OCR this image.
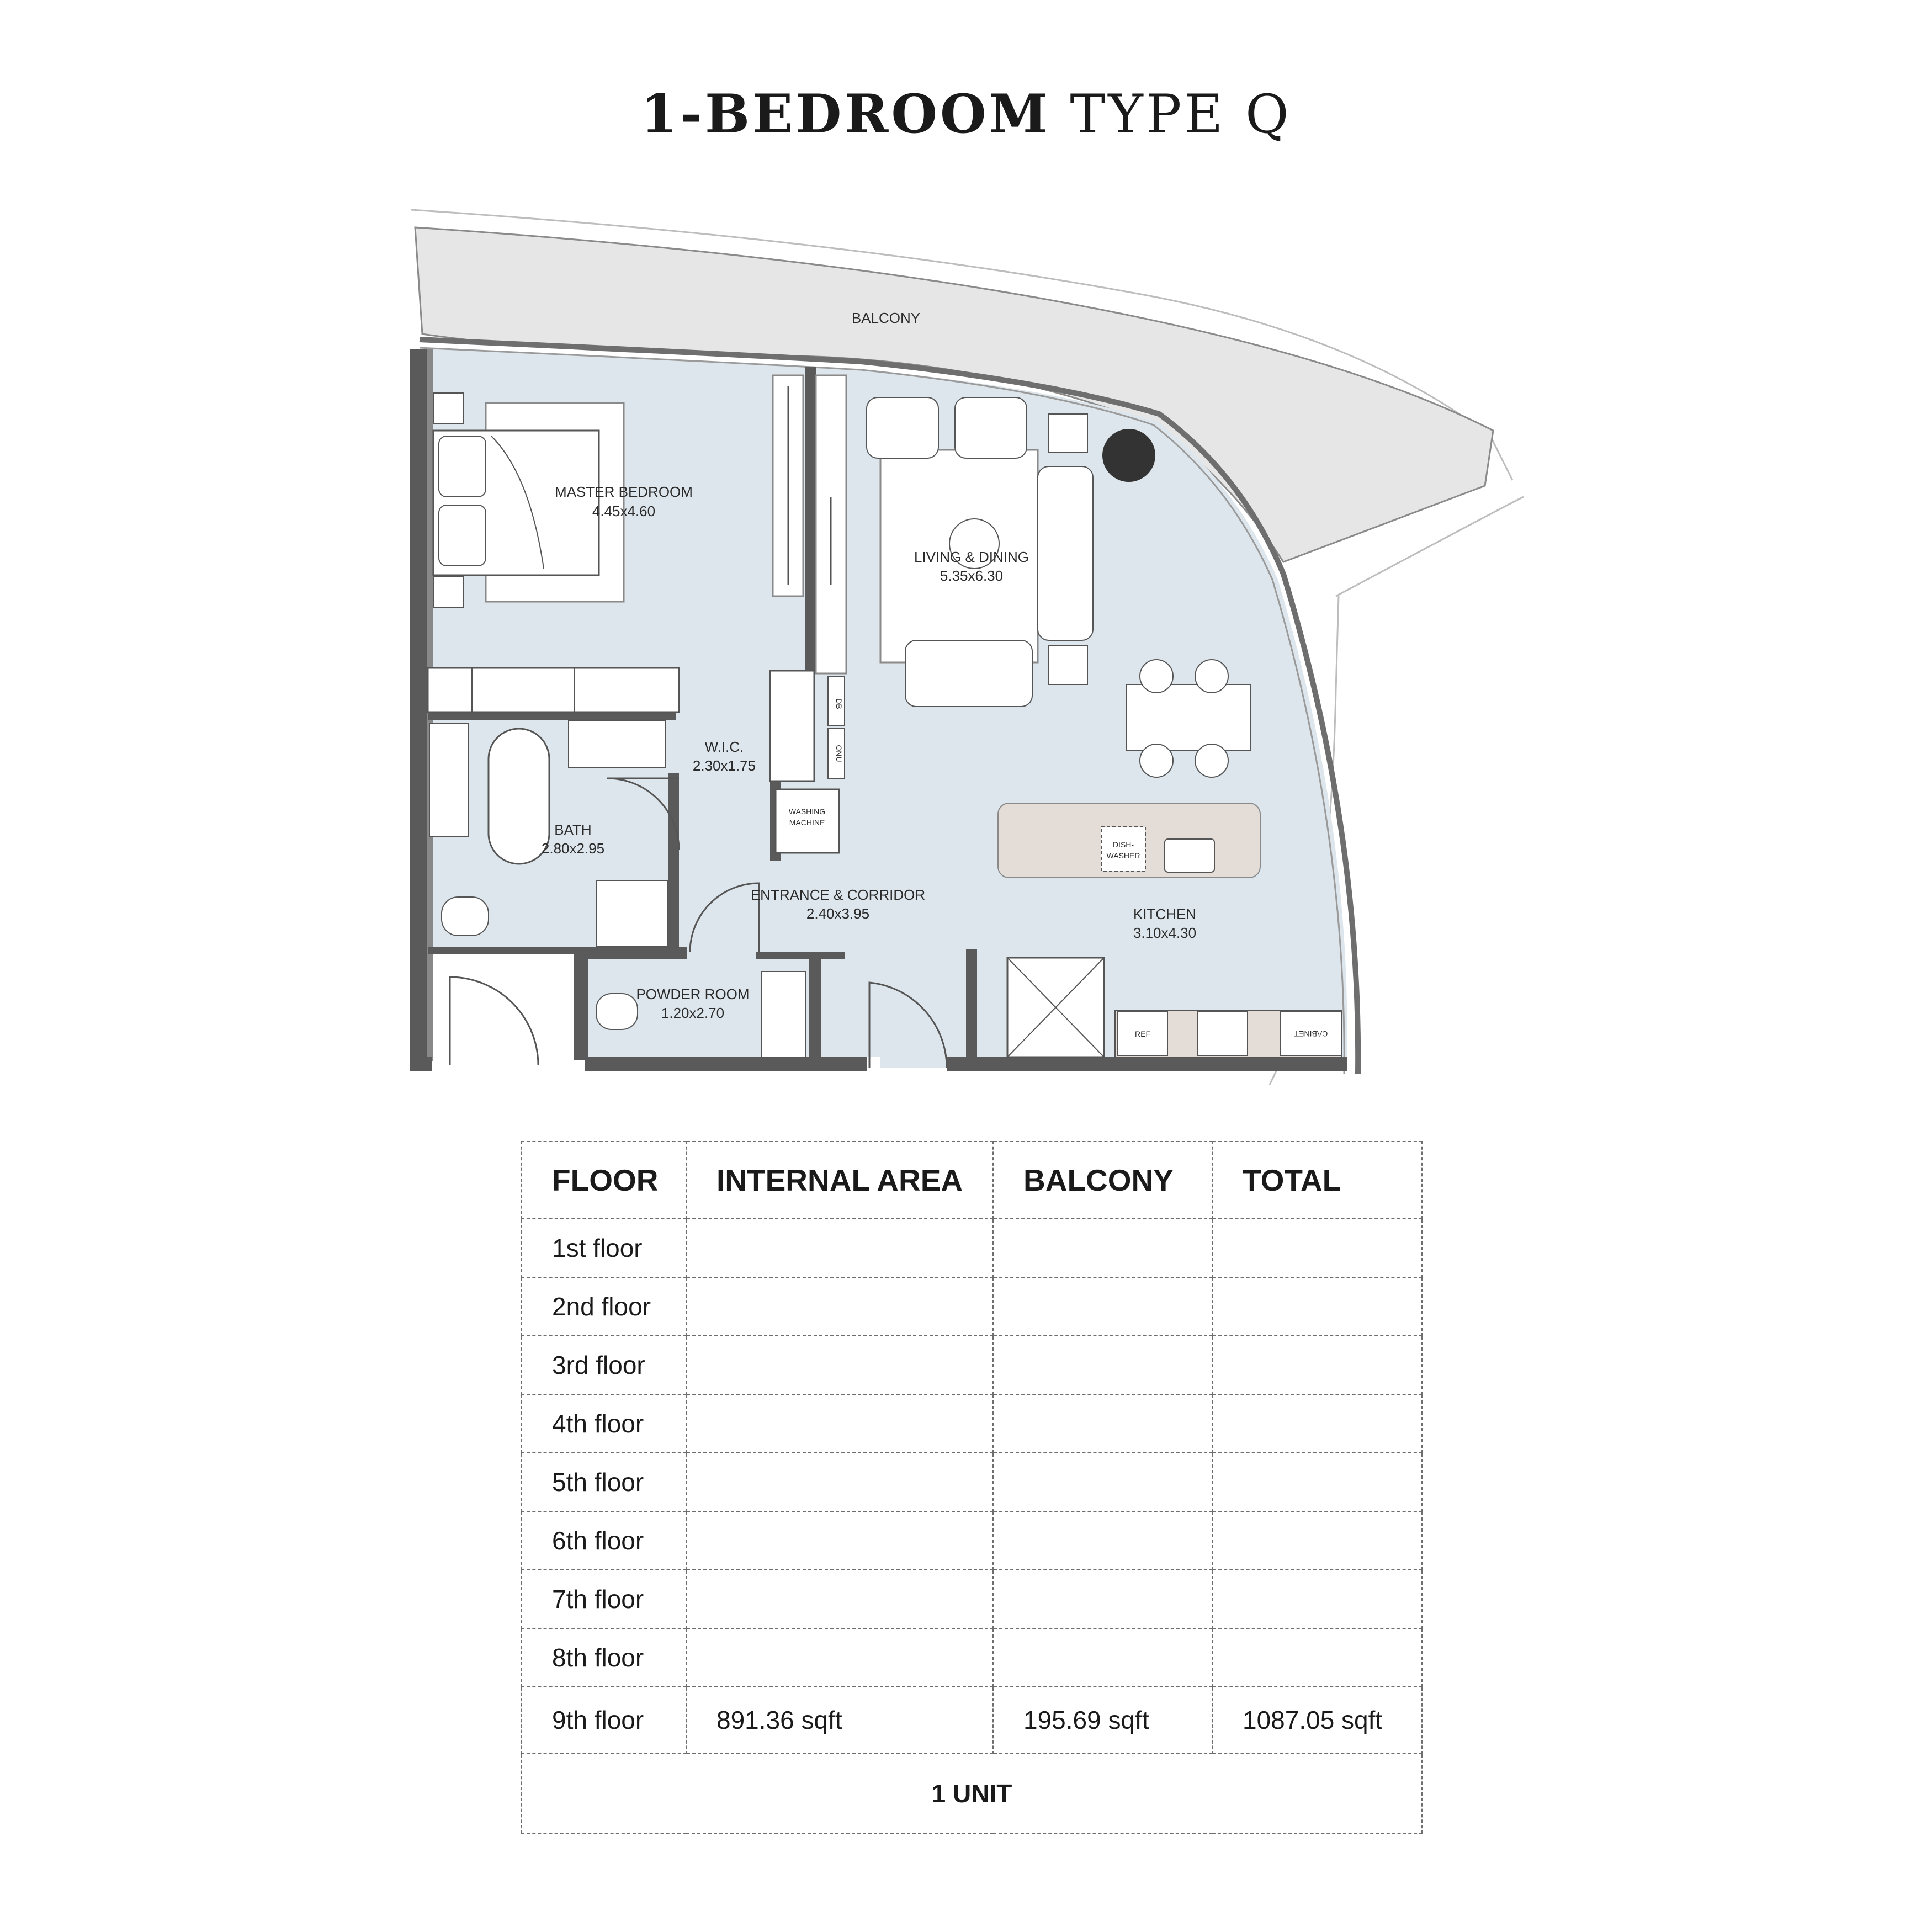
1-BEDROOM TYPE Q
MASTER BEDROOM
4.45x4.60
LIVING & DINING
5.35x6.30
W.I.C.
2.30x1.75
BATH
2.80x2.95
ENTRANCE & CORRIDOR
2.40x3.95	KITCHEN
3.10x4.30
POWDER ROOM
1.20x2.70
BALCONY
DB
ONU
WASHING
MACHINE
DISH-
WASHER
REF	CABINET
FLOOR	INTERNAL AREA	BALCONY	TOTAL
1st floor			
2nd floor			
3rd floor			
4th floor			
5th floor			
6th floor			
7th floor			
8th floor			
9th floor	891.36 sqft	195.69 sqft	1087.05 sqft
1 UNIT			
